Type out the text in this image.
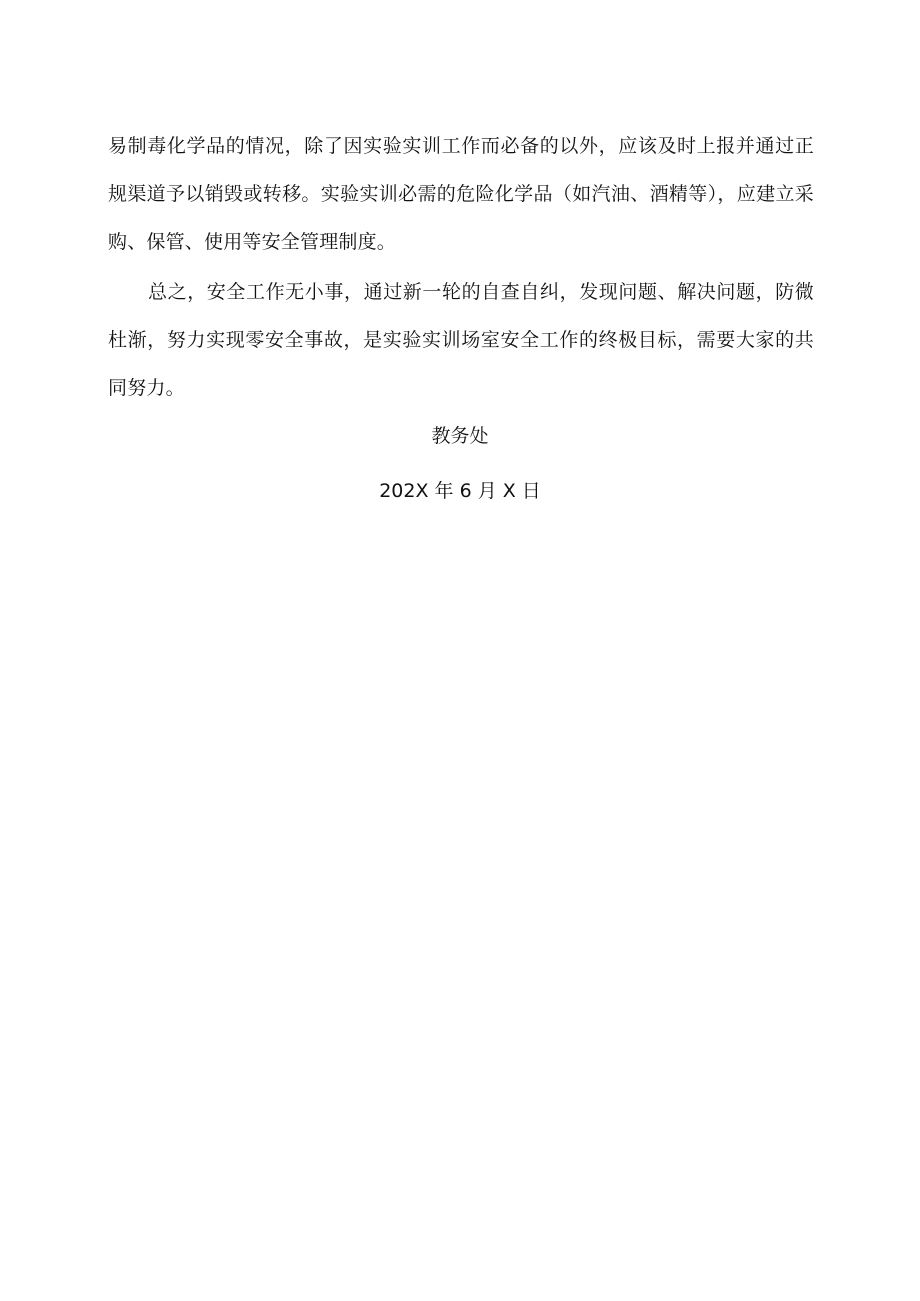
易制毒化学品的情况，除了因实验实训工作而必备的以外，应该及时上报并通过正规渠道予以销毁或转移。实验实训必需的危险化学品（如汽油、酒精等），应建立采购、保管、使用等安全管理制度。

总之，安全工作无小事，通过新一轮的自查自纠，发现问题、解决问题，防微杜渐，努力实现零安全事故，是实验实训场室安全工作的终极目标，需要大家的共同努力。

教务处
202X 年 6 月 X 日
